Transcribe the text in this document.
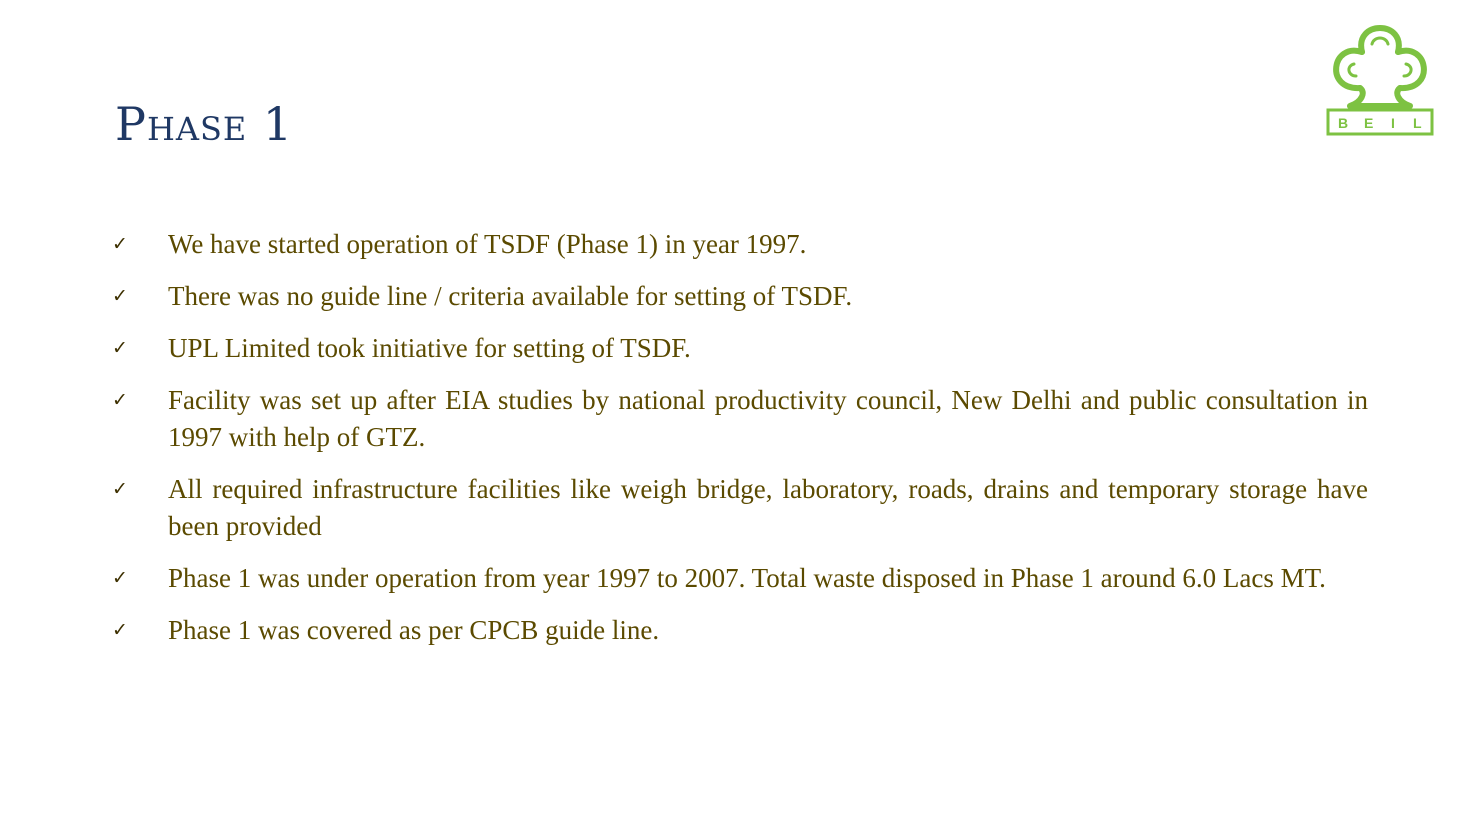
Phase 1	B E I L
✓	We have started operation of TSDF (Phase 1) in year 1997.
✓	There was no guide line / criteria available for setting of TSDF.
✓	UPL Limited took initiative for setting of TSDF.
✓	Facility was set up after EIA studies by national productivity council, New Delhi and public consultation in 1997 with help of GTZ.
✓	All required infrastructure facilities like weigh bridge, laboratory, roads, drains and temporary storage have been provided
✓	Phase 1 was under operation from year 1997 to 2007. Total waste disposed in Phase 1 around 6.0 Lacs MT.
✓	Phase 1 was covered as per CPCB guide line.
